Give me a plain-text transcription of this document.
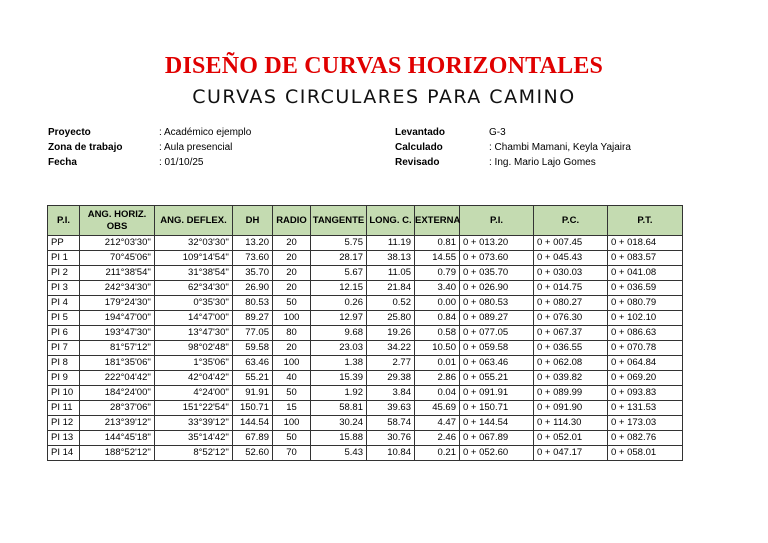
DISEÑO DE CURVAS HORIZONTALES
CURVAS CIRCULARES PARA CAMINO
Proyecto	: Académico ejemplo
Zona de trabajo	: Aula presencial
Fecha	: 01/10/25
Levantado	G-3
Calculado	: Chambi Mamani, Keyla Yajaira
Revisado	: Ing. Mario Lajo Gomes
P.I.	ANG. HORIZ. OBS	ANG. DEFLEX.	DH	RADIO	TANGENTE	LONG. C.	EXTERNA	P.I.	P.C.	P.T.
PP	212°03'30''	32°03'30''	13.20	20	5.75	11.19	0.81	0 + 013.20	0 + 007.45	0 + 018.64
PI 1	70°45'06''	109°14'54''	73.60	20	28.17	38.13	14.55	0 + 073.60	0 + 045.43	0 + 083.57
PI 2	211°38'54''	31°38'54''	35.70	20	5.67	11.05	0.79	0 + 035.70	0 + 030.03	0 + 041.08
PI 3	242°34'30''	62°34'30''	26.90	20	12.15	21.84	3.40	0 + 026.90	0 + 014.75	0 + 036.59
PI 4	179°24'30''	0°35'30''	80.53	50	0.26	0.52	0.00	0 + 080.53	0 + 080.27	0 + 080.79
PI 5	194°47'00''	14°47'00''	89.27	100	12.97	25.80	0.84	0 + 089.27	0 + 076.30	0 + 102.10
PI 6	193°47'30''	13°47'30''	77.05	80	9.68	19.26	0.58	0 + 077.05	0 + 067.37	0 + 086.63
PI 7	81°57'12''	98°02'48''	59.58	20	23.03	34.22	10.50	0 + 059.58	0 + 036.55	0 + 070.78
PI 8	181°35'06''	1°35'06''	63.46	100	1.38	2.77	0.01	0 + 063.46	0 + 062.08	0 + 064.84
PI 9	222°04'42''	42°04'42''	55.21	40	15.39	29.38	2.86	0 + 055.21	0 + 039.82	0 + 069.20
PI 10	184°24'00''	4°24'00''	91.91	50	1.92	3.84	0.04	0 + 091.91	0 + 089.99	0 + 093.83
PI 11	28°37'06''	151°22'54''	150.71	15	58.81	39.63	45.69	0 + 150.71	0 + 091.90	0 + 131.53
PI 12	213°39'12''	33°39'12''	144.54	100	30.24	58.74	4.47	0 + 144.54	0 + 114.30	0 + 173.03
PI 13	144°45'18''	35°14'42''	67.89	50	15.88	30.76	2.46	0 + 067.89	0 + 052.01	0 + 082.76
PI 14	188°52'12''	8°52'12''	52.60	70	5.43	10.84	0.21	0 + 052.60	0 + 047.17	0 + 058.01
